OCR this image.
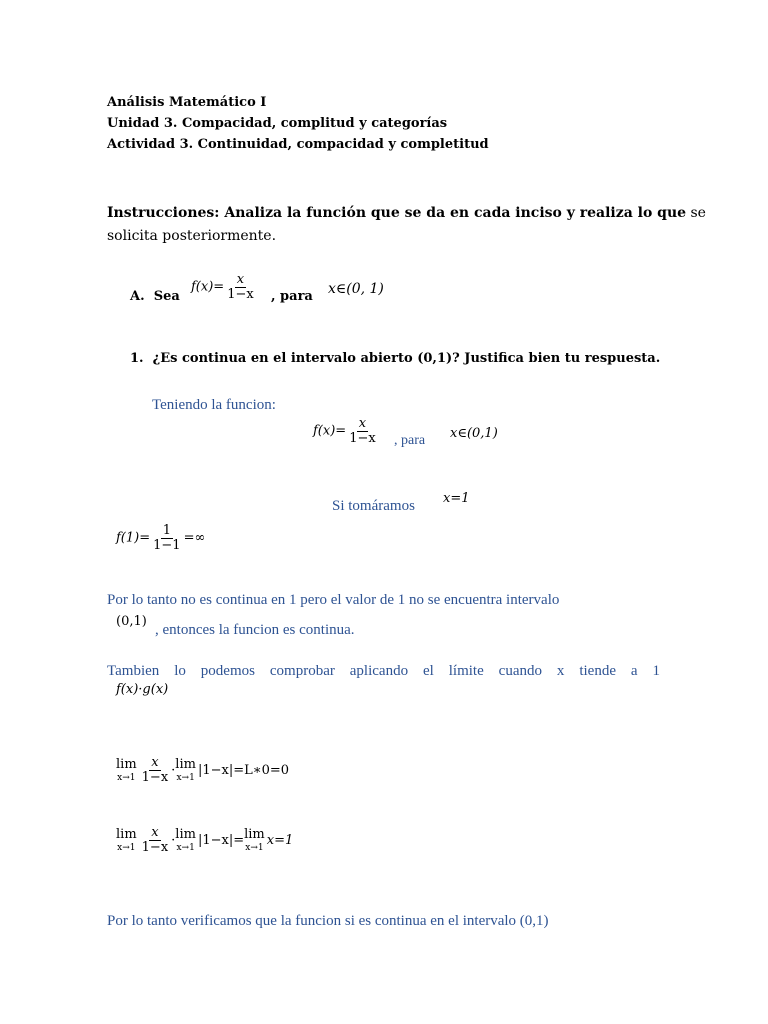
Análisis Matemático I
Unidad 3. Compacidad, complitud y categorías
Actividad 3. Continuidad, compacidad y completitud
Instrucciones: Analiza la función que se da en cada inciso y realiza lo que se
solicita posteriormente.
A. Sea
$f(x)= \frac{x}{1-x}$ , para x∈(0, 1)
1. ¿Es continua en el intervalo abierto (0,1)? Justifica bien tu respuesta.
Teniendo la funcion:
$f(x)= \frac{x}{1-x}$ , para x∈(0,1)
Si tomáramos x=1
$f(1)= \frac{1}{1-1}$ =∞
Por lo tanto no es continua en 1 pero el valor de 1 no se encuentra intervalo
(0,1)
, entonces la funcion es continua.
Tambien lo podemos comprobar aplicando el límite cuando x tiende a 1
f(x)·g(x)
lim
$x\to 1 \frac{x}{1-x} \cdot \lim$
x→1 |1−x|=L∗0=0
lim
$x\to 1 \frac{x}{1-x} \cdot \lim$
x→1 |1−x|= lim
x→1 x=1
Por lo tanto verificamos que la funcion si es continua en el intervalo (0,1)
